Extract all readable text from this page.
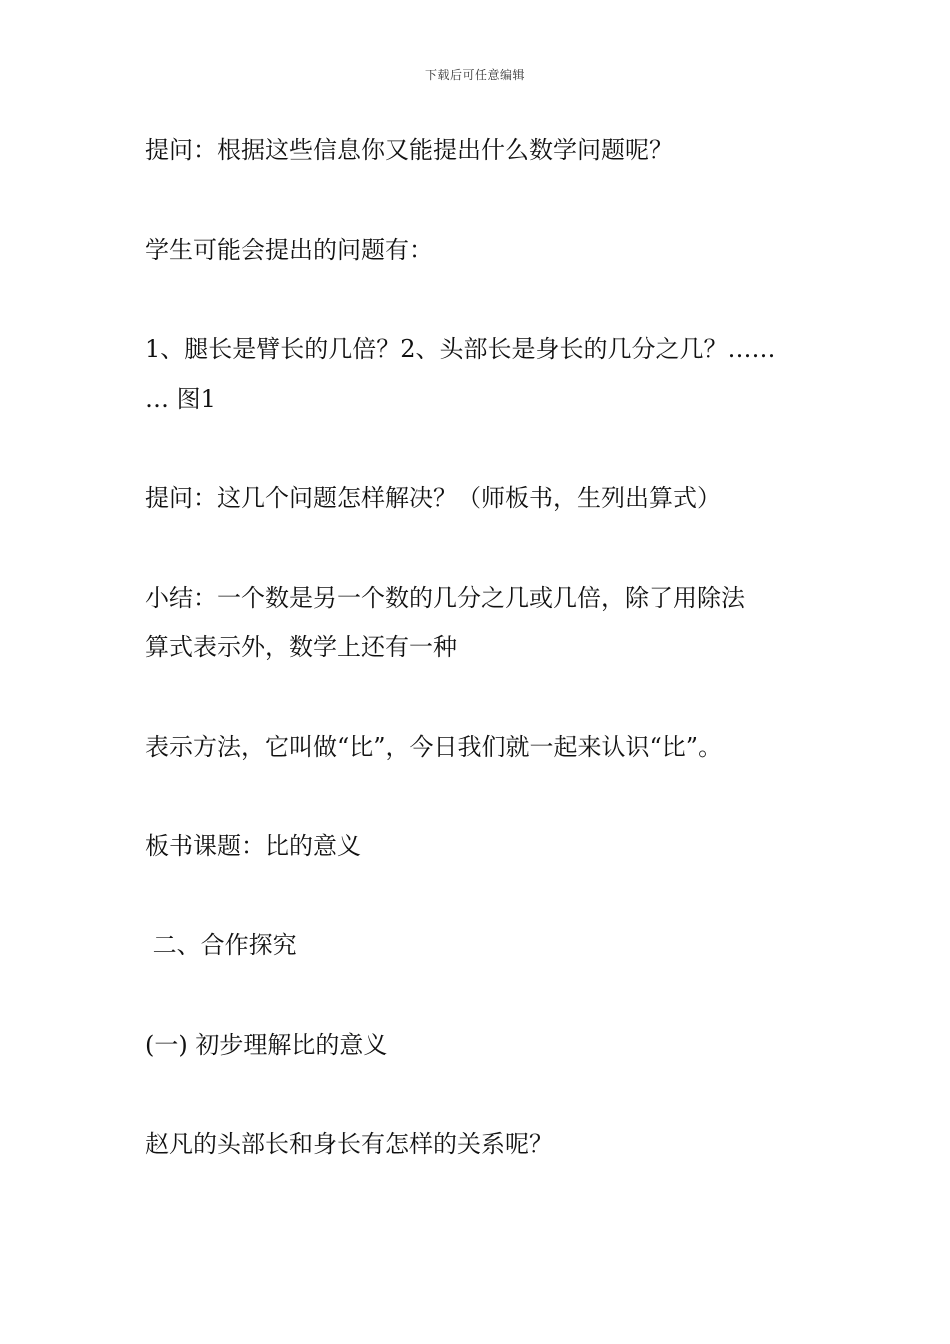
下载后可任意编辑
提问：根据这些信息你又能提出什么数学问题呢？
学生可能会提出的问题有：
1、腿长是臂长的几倍？2、头部长是身长的几分之几？……
… 图1
提问：这几个问题怎样解决？（师板书，生列出算式）
小结：一个数是另一个数的几分之几或几倍，除了用除法
算式表示外，数学上还有一种
表示方法，它叫做“比”，今日我们就一起来认识“比”。
板书课题：比的意义
二、合作探究
(一) 初步理解比的意义
赵凡的头部长和身长有怎样的关系呢？
